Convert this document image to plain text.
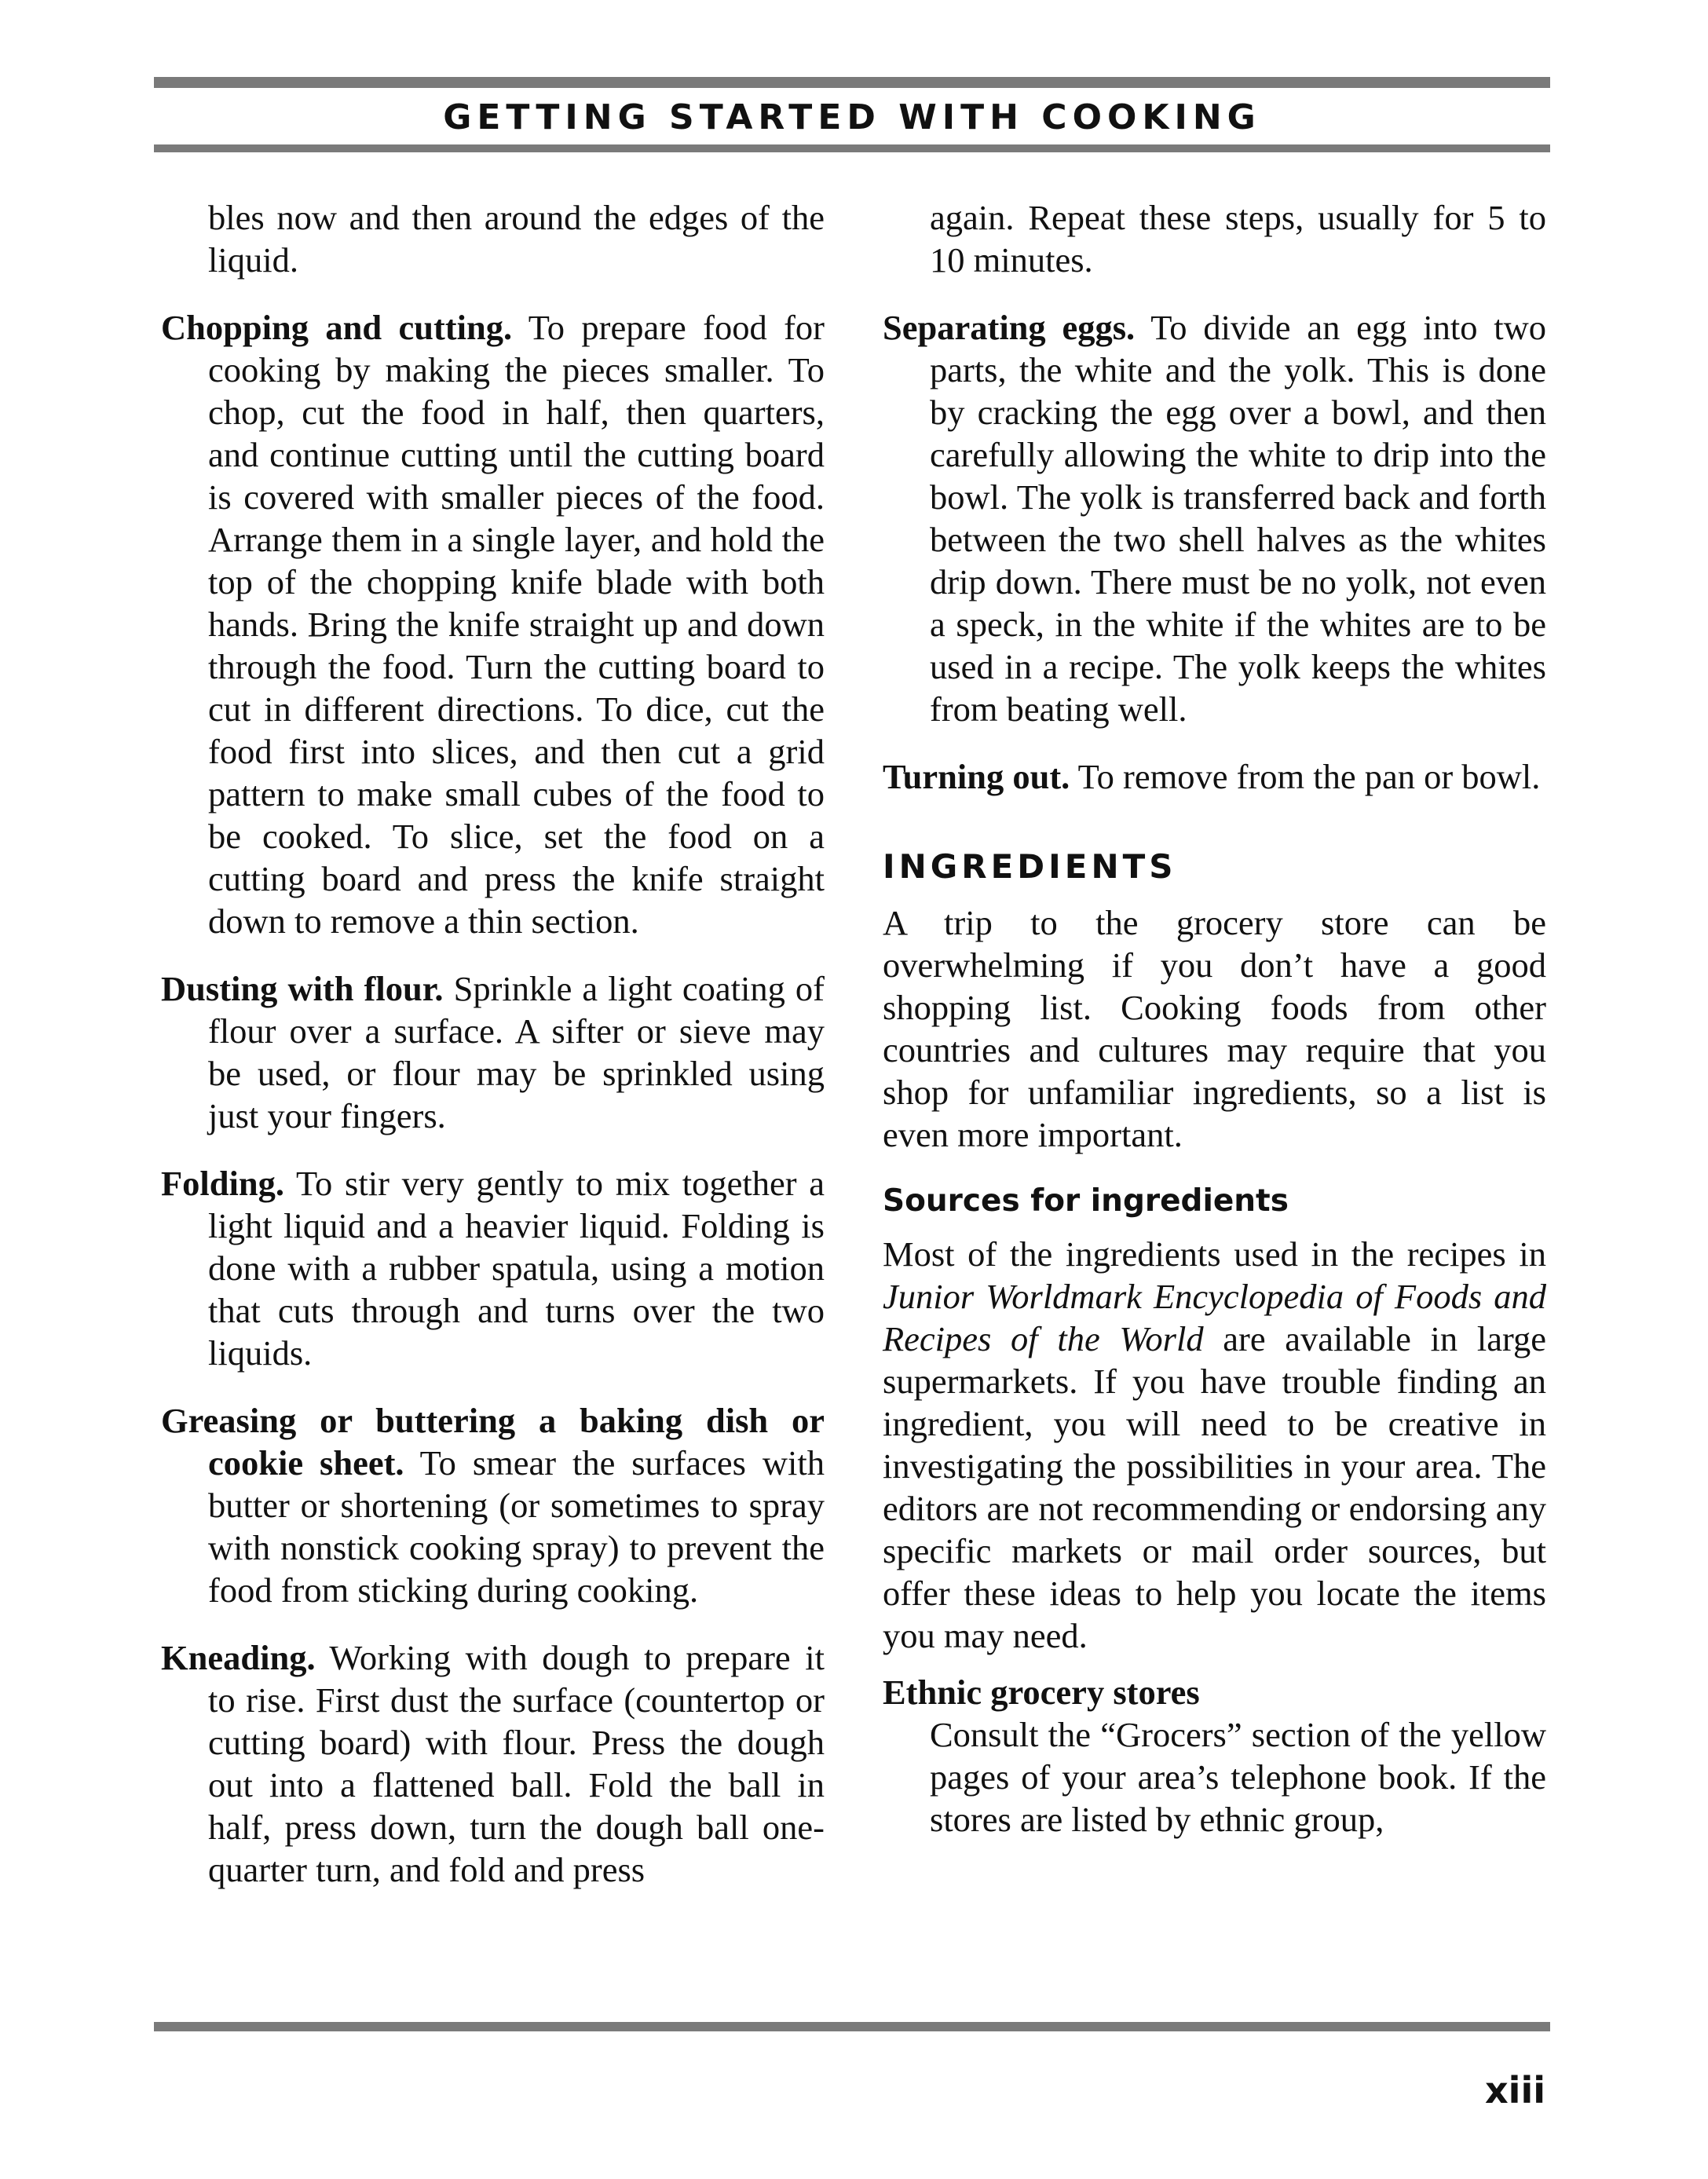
GETTING STARTED WITH COOKING

bles now and then around the edges of the liquid.

Chopping and cutting. To prepare food for cooking by making the pieces smaller. To chop, cut the food in half, then quarters, and continue cutting until the cutting board is covered with smaller pieces of the food. Arrange them in a single layer, and hold the top of the chopping knife blade with both hands. Bring the knife straight up and down through the food. Turn the cutting board to cut in different directions. To dice, cut the food first into slices, and then cut a grid pattern to make small cubes of the food to be cooked. To slice, set the food on a cutting board and press the knife straight down to remove a thin section.

Dusting with flour. Sprinkle a light coating of flour over a surface. A sifter or sieve may be used, or flour may be sprinkled using just your fingers.

Folding. To stir very gently to mix together a light liquid and a heavier liquid. Folding is done with a rubber spatula, using a motion that cuts through and turns over the two liquids.

Greasing or buttering a baking dish or cookie sheet. To smear the surfaces with butter or shortening (or sometimes to spray with nonstick cooking spray) to prevent the food from sticking during cooking.

Kneading. Working with dough to prepare it to rise. First dust the surface (countertop or cutting board) with flour. Press the dough out into a flattened ball. Fold the ball in half, press down, turn the dough ball one-quarter turn, and fold and press

again. Repeat these steps, usually for 5 to 10 minutes.

Separating eggs. To divide an egg into two parts, the white and the yolk. This is done by cracking the egg over a bowl, and then carefully allowing the white to drip into the bowl. The yolk is transferred back and forth between the two shell halves as the whites drip down. There must be no yolk, not even a speck, in the white if the whites are to be used in a recipe. The yolk keeps the whites from beating well.

Turning out. To remove from the pan or bowl.

INGREDIENTS

A trip to the grocery store can be overwhelming if you don’t have a good shopping list. Cooking foods from other countries and cultures may require that you shop for unfamiliar ingredients, so a list is even more important.

Sources for ingredients

Most of the ingredients used in the recipes in Junior Worldmark Encyclopedia of Foods and Recipes of the World are available in large supermarkets. If you have trouble finding an ingredient, you will need to be creative in investigating the possibilities in your area. The editors are not recommending or endorsing any specific markets or mail order sources, but offer these ideas to help you locate the items you may need.

Ethnic grocery stores

Consult the “Grocers” section of the yellow pages of your area’s telephone book. If the stores are listed by ethnic group,

xiii
